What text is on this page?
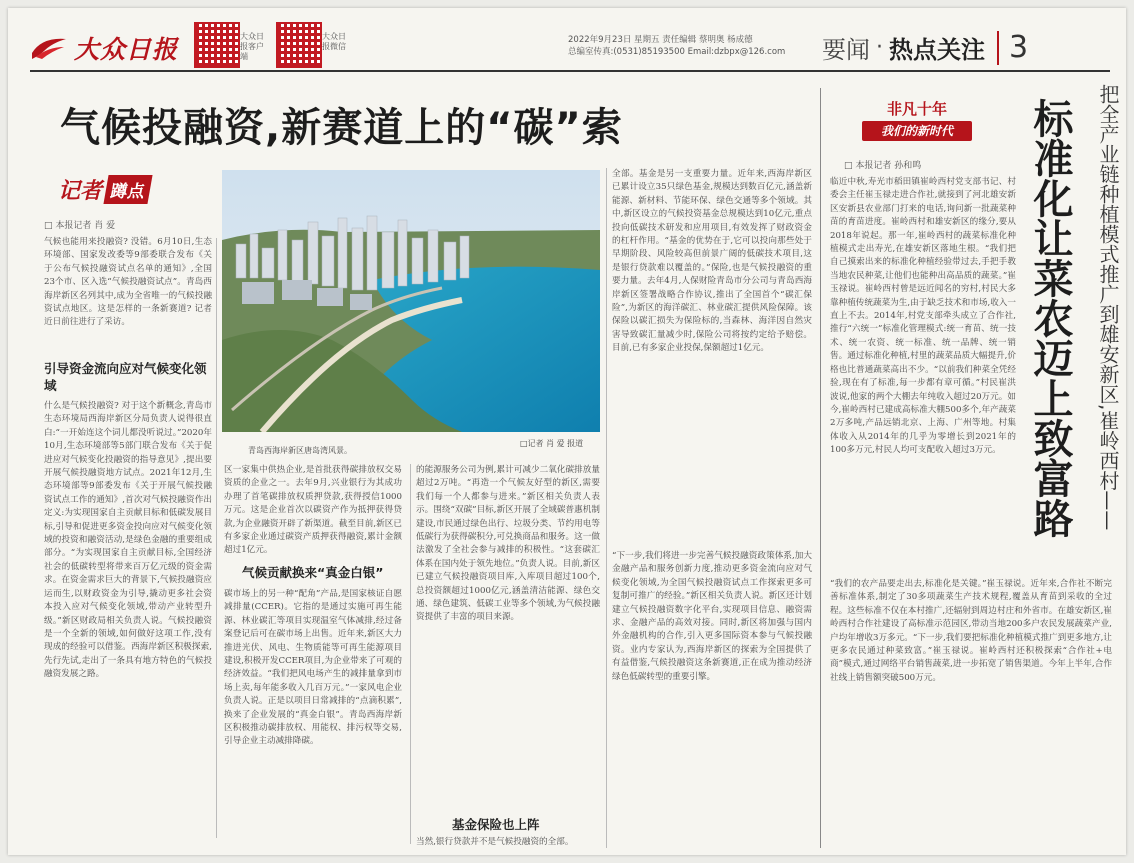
大众日报	大众日报客户端
大众日报微信
2022年9月23日 星期五 责任编辑 蔡明奥 杨成德
总编室传真:(0531)85193500 Email:dzbpx@126.com 要闻 · 热点关注 3
气候投融资,新赛道上的“碳”索
记者 蹲点
□ 本报记者 肖 爱
气候也能用来投融资? 没错。6月10日,生态环境部、国家发改委等9部委联合发布《关于公布气候投融资试点名单的通知》,全国23个市、区入选“气候投融资试点”。青岛西海岸新区名列其中,成为全省唯一的气候投融资试点地区。这是怎样的一条新赛道? 记者近日前往进行了采访。
引导资金流向应对气候变化领域
什么是气候投融资? 对于这个新概念,青岛市生态环境局西海岸新区分局负责人说得很直白:“一开始连这个词儿都没听说过。”2020年10月,生态环境部等5部门联合发布《关于促进应对气候变化投融资的指导意见》,提出要开展气候投融资地方试点。2021年12月,生态环境部等9部委发布《关于开展气候投融资试点工作的通知》,首次对气候投融资作出定义:为实现国家自主贡献目标和低碳发展目标,引导和促进更多资金投向应对气候变化领域的投资和融资活动,是绿色金融的重要组成部分。“为实现国家自主贡献目标,全国经济社会的低碳转型将带来百万亿元级的资金需求。在资金需求巨大的背景下,气候投融资应运而生,以财政资金为引导,撬动更多社会资本投入应对气候变化领域,带动产业转型升级。”新区财政局相关负责人说。气候投融资是一个全新的领域,如何做好这项工作,没有现成的经验可以借鉴。西海岸新区积极探索,先行先试,走出了一条具有地方特色的气候投融资发展之路。
□记者 肖 爱 报道
青岛西海岸新区唐岛湾风景。
区一家集中供热企业,是首批获得碳排放权交易资质的企业之一。去年9月,兴业银行为其成功办理了首笔碳排放权质押贷款,获得授信1000万元。这是企业首次以碳资产作为抵押获得贷款,为企业融资开辟了新渠道。截至目前,新区已有多家企业通过碳资产质押获得融资,累计金额超过1亿元。
气候贡献换来“真金白银”
碳市场上的另一种“配角”产品,是国家核证自愿减排量(CCER)。它指的是通过实施可再生能源、林业碳汇等项目实现温室气体减排,经过备案登记后可在碳市场上出售。近年来,新区大力推进光伏、风电、生物质能等可再生能源项目建设,积极开发CCER项目,为企业带来了可观的经济效益。“我们把风电场产生的减排量拿到市场上卖,每年能多收入几百万元。”一家风电企业负责人说。正是以项目日常减排的“点滴积累”,换来了企业发展的“真金白银”。青岛西海岸新区积极推动碳排放权、用能权、排污权等交易,引导企业主动减排降碳。
的能源服务公司为例,累计可减少二氧化碳排放量超过2万吨。“再造一个气候友好型的新区,需要我们每一个人都参与进来。”新区相关负责人表示。围绕“双碳”目标,新区开展了全域碳普惠机制建设,市民通过绿色出行、垃圾分类、节约用电等低碳行为获得碳积分,可兑换商品和服务。这一做法激发了全社会参与减排的积极性。“这套碳汇体系在国内处于领先地位。”负责人说。目前,新区已建立气候投融资项目库,入库项目超过100个,总投资额超过1000亿元,涵盖清洁能源、绿色交通、绿色建筑、低碳工业等多个领域,为气候投融资提供了丰富的项目来源。
基金保险也上阵
当然,银行贷款并不是气候投融资的全部。
全部。基金是另一支重要力量。近年来,西海岸新区已累计设立35只绿色基金,规模达到数百亿元,涵盖新能源、新材料、节能环保、绿色交通等多个领域。其中,新区设立的气候投资基金总规模达到10亿元,重点投向低碳技术研发和应用项目,有效发挥了财政资金的杠杆作用。“基金的优势在于,它可以投向那些处于早期阶段、风险较高但前景广阔的低碳技术项目,这是银行贷款难以覆盖的。”保险,也是气候投融资的重要力量。去年4月,人保财险青岛市分公司与青岛西海岸新区签署战略合作协议,推出了全国首个“碳汇保险”,为新区的海洋碳汇、林业碳汇提供风险保障。该保险以碳汇损失为保险标的,当森林、海洋因自然灾害导致碳汇量减少时,保险公司将按约定给予赔偿。目前,已有多家企业投保,保额超过1亿元。
“下一步,我们将进一步完善气候投融资政策体系,加大金融产品和服务创新力度,推动更多资金流向应对气候变化领域,为全国气候投融资试点工作探索更多可复制可推广的经验。”新区相关负责人说。新区还计划建立气候投融资数字化平台,实现项目信息、融资需求、金融产品的高效对接。同时,新区将加强与国内外金融机构的合作,引入更多国际资本参与气候投融资。业内专家认为,西海岸新区的探索为全国提供了有益借鉴,气候投融资这条新赛道,正在成为推动经济绿色低碳转型的重要引擎。
非凡十年
我们的新时代
□ 本报记者 孙和鸣	标准化让菜农迈上致富路	把全产业链种植模式推广到雄安新区,崔岭西村——
临近中秋,寿光市稻田镇崔岭西村党支部书记、村委会主任崔玉禄走进合作社,就接到了河北雄安新区安新县农业部门打来的电话,询问新一批蔬菜种苗的育苗进度。崔岭西村和雄安新区的缘分,要从2018年说起。那一年,崔岭西村的蔬菜标准化种植模式走出寿光,在雄安新区落地生根。“我们把自己摸索出来的标准化种植经验带过去,手把手教当地农民种菜,让他们也能种出高品质的蔬菜。”崔玉禄说。崔岭西村曾是远近闻名的穷村,村民大多靠种植传统蔬菜为生,由于缺乏技术和市场,收入一直上不去。2014年,村党支部牵头成立了合作社,推行“六统一”标准化管理模式:统一育苗、统一技术、统一农资、统一标准、统一品牌、统一销售。通过标准化种植,村里的蔬菜品质大幅提升,价格也比普通蔬菜高出不少。“以前我们种菜全凭经验,现在有了标准,每一步都有章可循。”村民崔洪波说,他家的两个大棚去年纯收入超过20万元。如今,崔岭西村已建成高标准大棚500多个,年产蔬菜2万多吨,产品远销北京、上海、广州等地。村集体收入从2014年的几乎为零增长到2021年的100多万元,村民人均可支配收入超过3万元。
“我们的农产品要走出去,标准化是关键。”崔玉禄说。近年来,合作社不断完善标准体系,制定了30多项蔬菜生产技术规程,覆盖从育苗到采收的全过程。这些标准不仅在本村推广,还辐射到周边村庄和外省市。在雄安新区,崔岭西村合作社建设了高标准示范园区,带动当地200多户农民发展蔬菜产业,户均年增收3万多元。“下一步,我们要把标准化种植模式推广到更多地方,让更多农民通过种菜致富。”崔玉禄说。崔岭西村还积极探索“合作社+电商”模式,通过网络平台销售蔬菜,进一步拓宽了销售渠道。今年上半年,合作社线上销售额突破500万元。
